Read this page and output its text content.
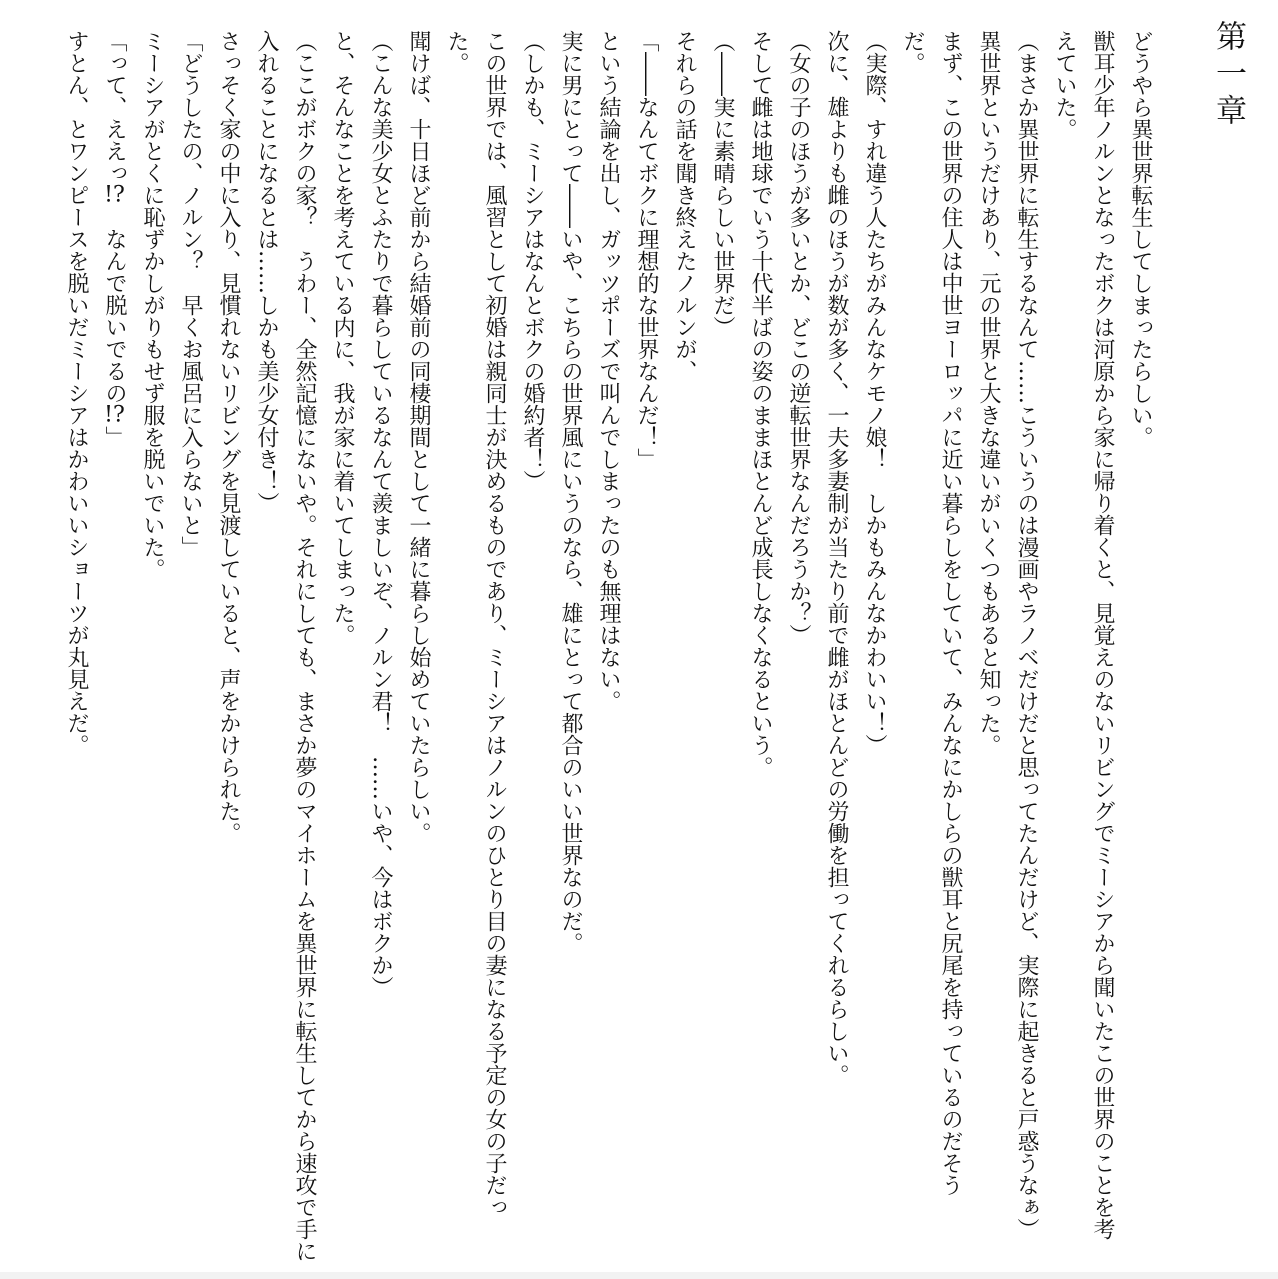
第一章
どうやら異世界転生してしまったらしい。
獣耳少年ノルンとなったボクは河原から家に帰り着くと、見覚えのないリビングでミーシアから聞いたこの世界のことを考
えていた。
（まさか異世界に転生するなんて……こういうのは漫画やラノベだけだと思ってたんだけど、実際に起きると戸惑うなぁ）
異世界というだけあり、元の世界と大きな違いがいくつもあると知った。
まず、この世界の住人は中世ヨーロッパに近い暮らしをしていて、みんなにかしらの獣耳と尻尾を持っているのだそう
だ。
（実際、すれ違う人たちがみんなケモノ娘！　しかもみんなかわいい！）
次に、雄よりも雌のほうが数が多く、一夫多妻制が当たり前で雌がほとんどの労働を担ってくれるらしい。
（女の子のほうが多いとか、どこの逆転世界なんだろうか？）
そして雌は地球でいう十代半ばの姿のままほとんど成長しなくなるという。
（――実に素晴らしい世界だ）
それらの話を聞き終えたノルンが、
「――なんてボクに理想的な世界なんだ！」
という結論を出し、ガッツポーズで叫んでしまったのも無理はない。
実に男にとって――いや、こちらの世界風にいうのなら、雄にとって都合のいい世界なのだ。
（しかも、ミーシアはなんとボクの婚約者！）
この世界では、風習として初婚は親同士が決めるものであり、ミーシアはノルンのひとり目の妻になる予定の女の子だっ
た。
聞けば、十日ほど前から結婚前の同棲期間として一緒に暮らし始めていたらしい。
（こんな美少女とふたりで暮らしているなんて羨ましいぞ、ノルン君！　……いや、今はボクか）
と、そんなことを考えている内に、我が家に着いてしまった。
（ここがボクの家？　うわー、全然記憶にないや。それにしても、まさか夢のマイホームを異世界に転生してから速攻で手に
入れることになるとは……しかも美少女付き！）
さっそく家の中に入り、見慣れないリビングを見渡していると、声をかけられた。
「どうしたの、ノルン？　早くお風呂に入らないと」
ミーシアがとくに恥ずかしがりもせず服を脱いでいた。
「って、ええっ!?　なんで脱いでるの!?」
すとん、とワンピースを脱いだミーシアはかわいいショーツが丸見えだ。
